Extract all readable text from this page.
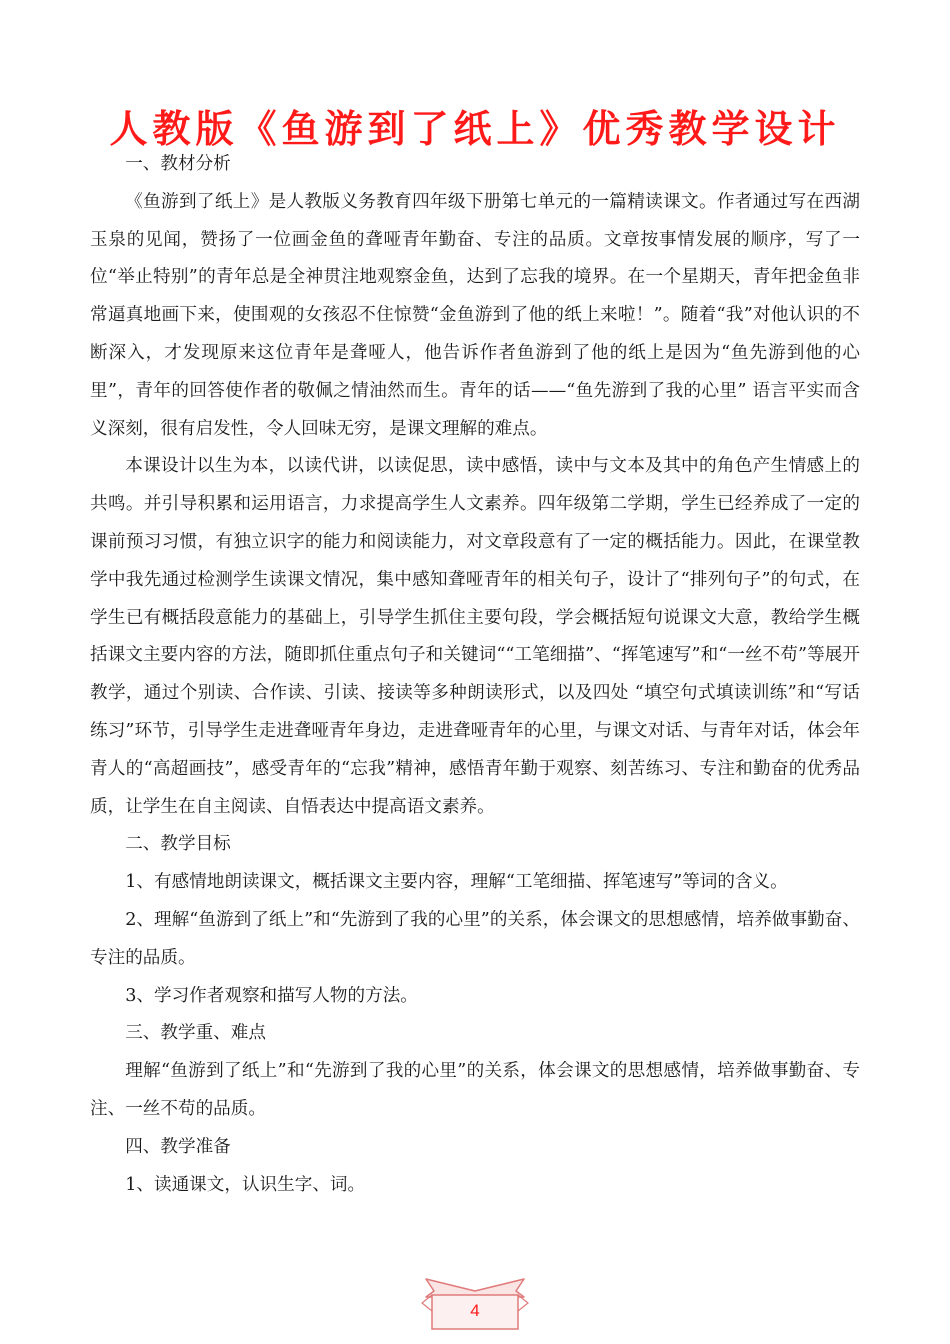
人教版《鱼游到了纸上》优秀教学设计

一、教材分析

《鱼游到了纸上》是人教版义务教育四年级下册第七单元的一篇精读课文。作者通过写在西湖玉泉的见闻，赞扬了一位画金鱼的聋哑青年勤奋、专注的品质。文章按事情发展的顺序，写了一位“举止特别”的青年总是全神贯注地观察金鱼，达到了忘我的境界。在一个星期天，青年把金鱼非常逼真地画下来，使围观的女孩忍不住惊赞“金鱼游到了他的纸上来啦！”。随着“我”对他认识的不断深入，才发现原来这位青年是聋哑人，他告诉作者鱼游到了他的纸上是因为“鱼先游到他的心里”，青年的回答使作者的敬佩之情油然而生。青年的话——“鱼先游到了我的心里” 语言平实而含义深刻，很有启发性，令人回味无穷，是课文理解的难点。

本课设计以生为本，以读代讲，以读促思，读中感悟，读中与文本及其中的角色产生情感上的共鸣。并引导积累和运用语言，力求提高学生人文素养。四年级第二学期，学生已经养成了一定的课前预习习惯，有独立识字的能力和阅读能力，对文章段意有了一定的概括能力。因此，在课堂教学中我先通过检测学生读课文情况，集中感知聋哑青年的相关句子，设计了“排列句子”的句式，在学生已有概括段意能力的基础上，引导学生抓住主要句段，学会概括短句说课文大意，教给学生概括课文主要内容的方法，随即抓住重点句子和关键词““工笔细描”、“挥笔速写”和“一丝不苟”等展开教学，通过个别读、合作读、引读、接读等多种朗读形式，以及四处 “填空句式填读训练”和“写话练习”环节，引导学生走进聋哑青年身边，走进聋哑青年的心里，与课文对话、与青年对话，体会年青人的“高超画技”，感受青年的“忘我”精神，感悟青年勤于观察、刻苦练习、专注和勤奋的优秀品质，让学生在自主阅读、自悟表达中提高语文素养。

二、教学目标

1、有感情地朗读课文，概括课文主要内容，理解“工笔细描、挥笔速写”等词的含义。

2、理解“鱼游到了纸上”和“先游到了我的心里”的关系，体会课文的思想感情，培养做事勤奋、专注的品质。

3、学习作者观察和描写人物的方法。

三、教学重、难点

理解“鱼游到了纸上”和“先游到了我的心里”的关系，体会课文的思想感情，培养做事勤奋、专注、一丝不苟的品质。

四、教学准备

1、读通课文，认识生字、词。

4
